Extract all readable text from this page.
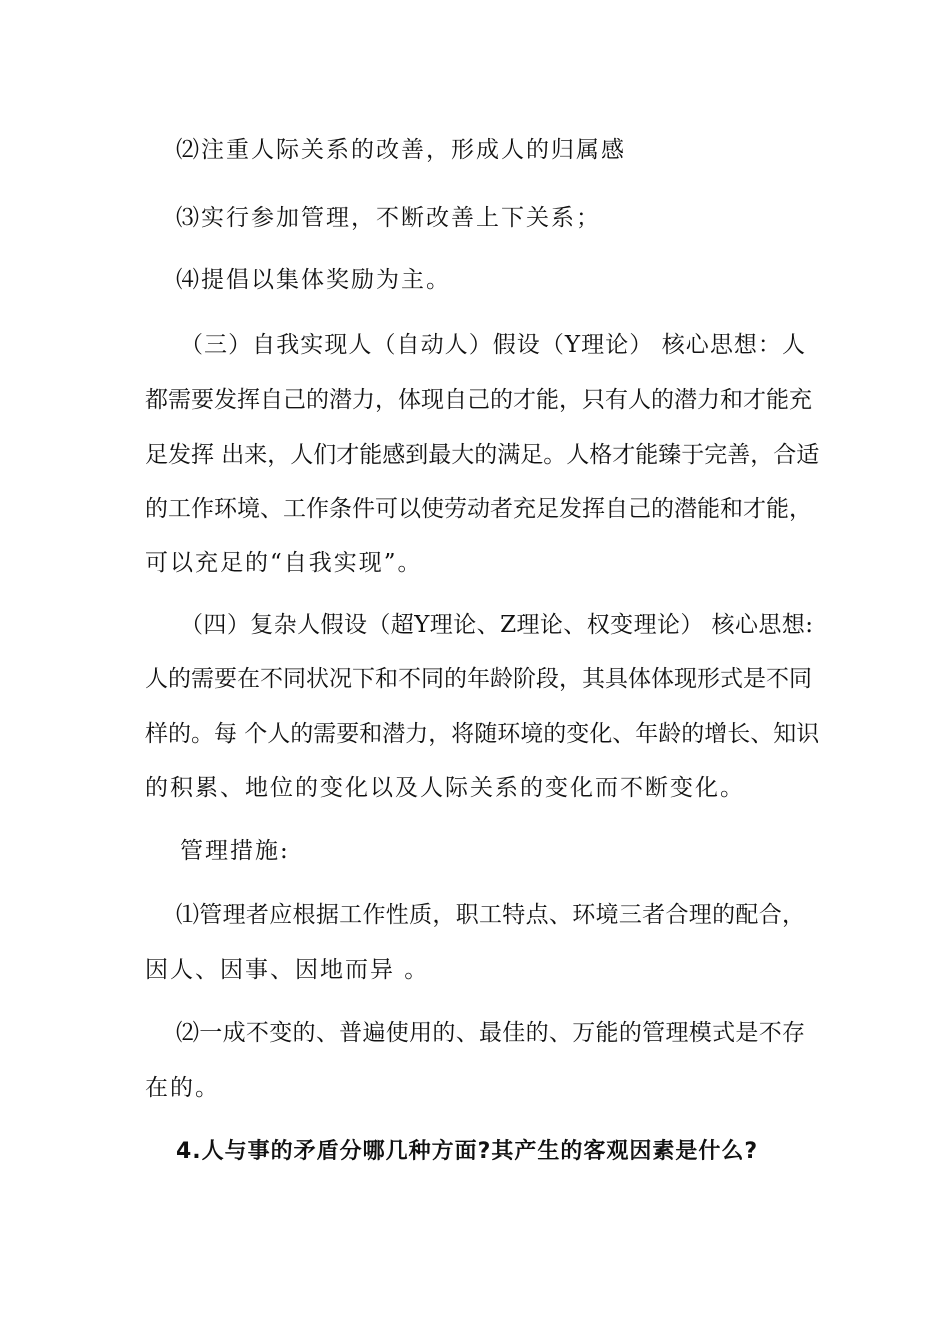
⑵注重人际关系的改善，形成人的归属感
⑶实行参加管理，不断改善上下关系；
⑷提倡以集体奖励为主。
（三）自我实现人（自动人）假设（Y理论） 核心思想：人
都需要发挥自己的潜力，体现自己的才能，只有人的潜力和才能充
足发挥 出来，人们才能感到最大的满足。人格才能臻于完善，合适
的工作环境、工作条件可以使劳动者充足发挥自己的潜能和才能，
可以充足的“自我实现”。
（四）复杂人假设（超Y理论、Z理论、权变理论） 核心思想:
人的需要在不同状况下和不同的年龄阶段，其具体体现形式是不同
样的。每 个人的需要和潜力，将随环境的变化、年龄的增长、知识
的积累、地位的变化以及人际关系的变化而不断变化。
管理措施:
⑴管理者应根据工作性质，职工特点、环境三者合理的配合，
因人、因事、因地而异 。
⑵一成不变的、普遍使用的、最佳的、万能的管理模式是不存
在的。
4.人与事的矛盾分哪几种方面?其产生的客观因素是什么?
